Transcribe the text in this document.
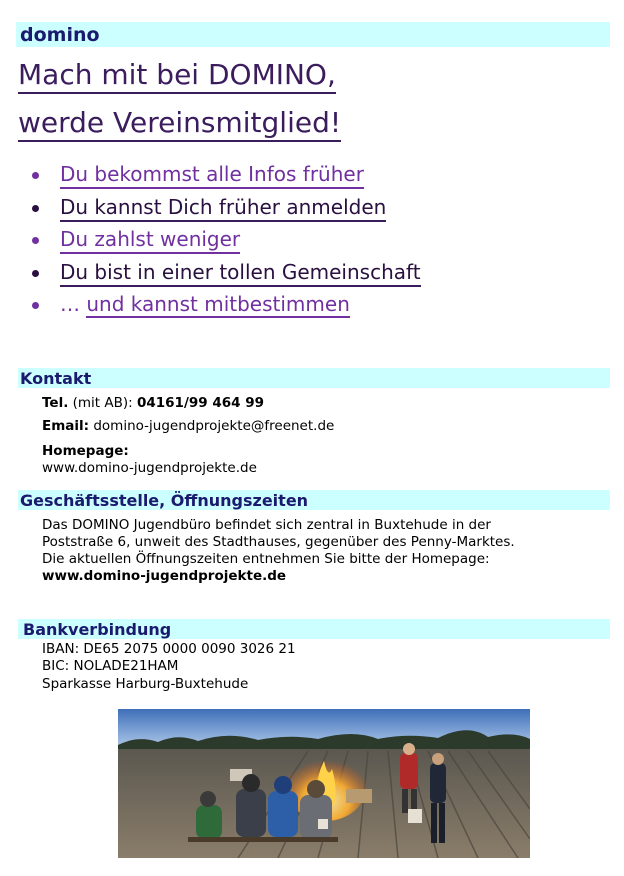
domino
Mach mit bei DOMINO,
werde Vereinsmitglied!
Du bekommst alle Infos früher
Du kannst Dich früher anmelden
Du zahlst weniger
Du bist in einer tollen Gemeinschaft
… und kannst mitbestimmen
Kontakt
Tel. (mit AB): 04161/99 464 99
Email: domino-jugendprojekte@freenet.de
Homepage:
www.domino-jugendprojekte.de
Geschäftsstelle, Öffnungszeiten
Das DOMINO Jugendbüro befindet sich zentral in Buxtehude in der
Poststraße 6, unweit des Stadthauses, gegenüber des Penny-Marktes.
Die aktuellen Öffnungszeiten entnehmen Sie bitte der Homepage:
www.domino-jugendprojekte.de
Bankverbindung
IBAN: DE65 2075 0000 0090 3026 21
BIC: NOLADE21HAM
Sparkasse Harburg-Buxtehude
